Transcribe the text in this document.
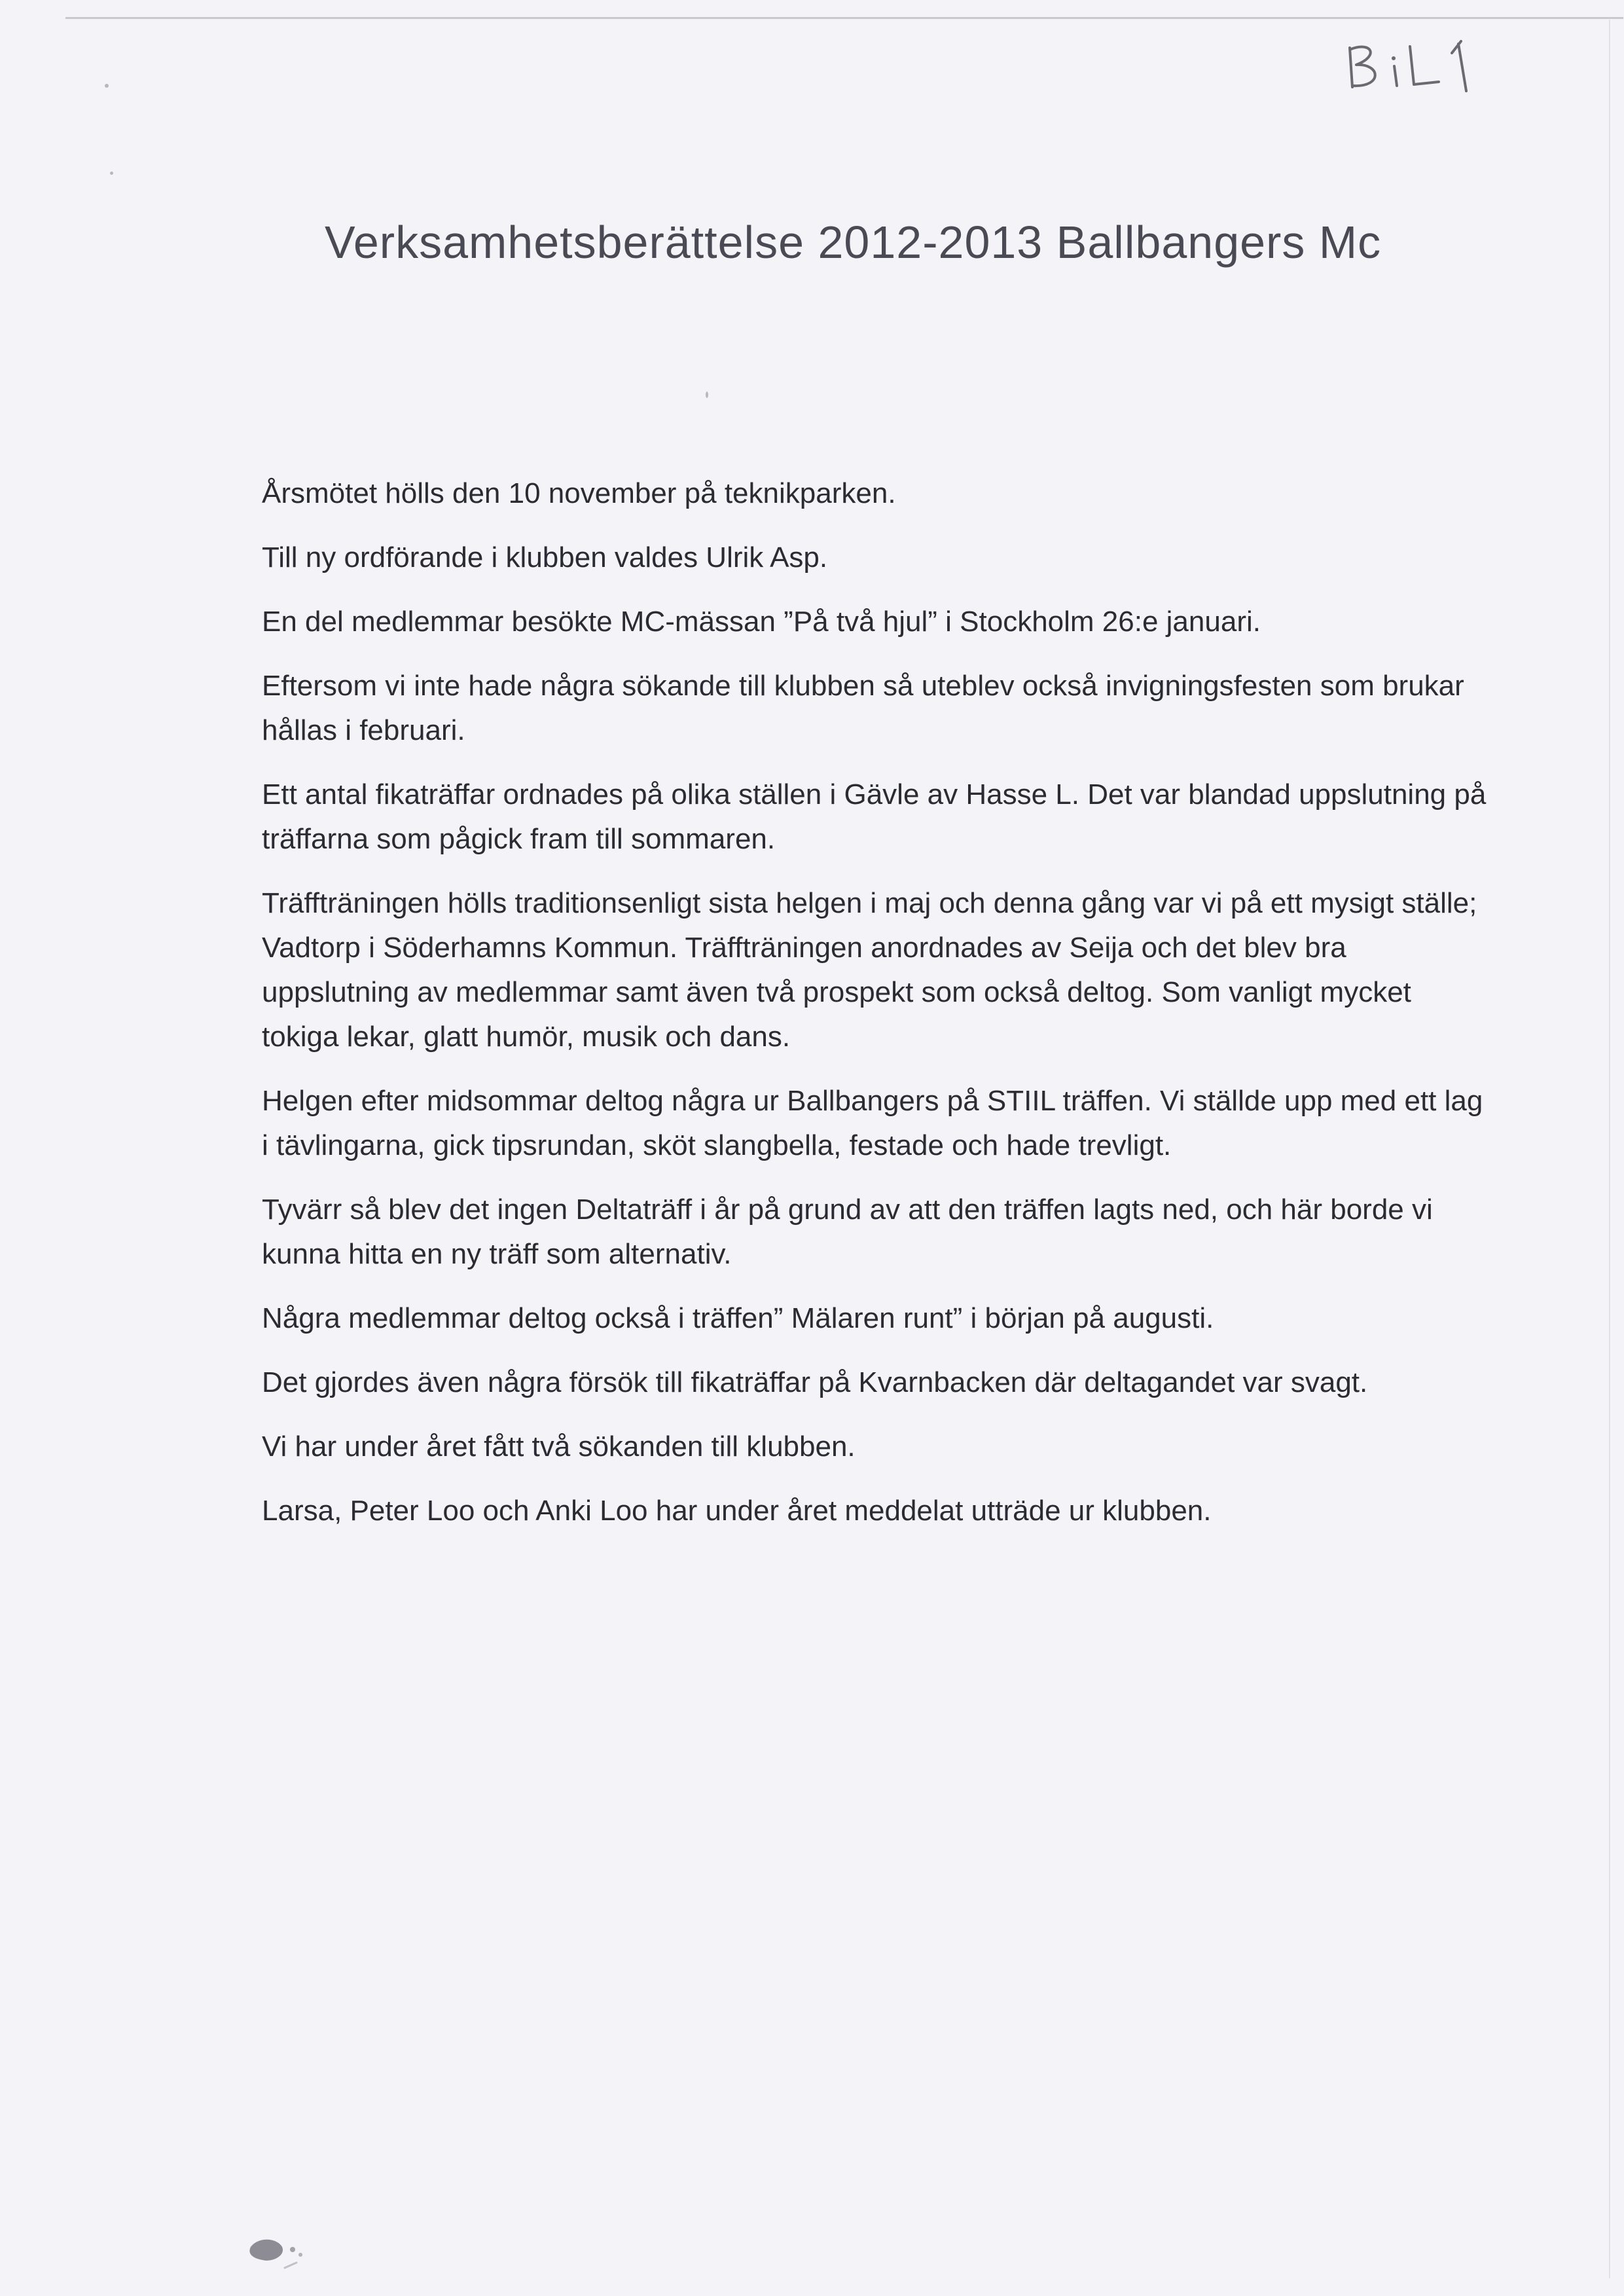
Verksamhetsberättelse 2012-2013 Ballbangers Mc

Årsmötet hölls den 10 november på teknikparken.

Till ny ordförande i klubben valdes Ulrik Asp.

En del medlemmar besökte MC-mässan ”På två hjul” i Stockholm 26:e januari.

Eftersom vi inte hade några sökande till klubben så uteblev också invigningsfesten som brukar hållas i februari.

Ett antal fikaträffar ordnades på olika ställen i Gävle av Hasse L. Det var blandad uppslutning på träffarna som pågick fram till sommaren.

Träffträningen hölls traditionsenligt sista helgen i maj och denna gång var vi på ett mysigt ställe; Vadtorp i Söderhamns Kommun. Träffträningen anordnades av Seija och det blev bra uppslutning av medlemmar samt även två prospekt som också deltog. Som vanligt mycket tokiga lekar, glatt humör, musik och dans.

Helgen efter midsommar deltog några ur Ballbangers på STIIL träffen. Vi ställde upp med ett lag i tävlingarna, gick tipsrundan, sköt slangbella, festade och hade trevligt.

Tyvärr så blev det ingen Deltaträff i år på grund av att den träffen lagts ned, och här borde vi kunna hitta en ny träff som alternativ.

Några medlemmar deltog också i träffen” Mälaren runt” i början på augusti.

Det gjordes även några försök till fikaträffar på Kvarnbacken där deltagandet var svagt.

Vi har under året fått två sökanden till klubben.

Larsa, Peter Loo och Anki Loo har under året meddelat utträde ur klubben.
